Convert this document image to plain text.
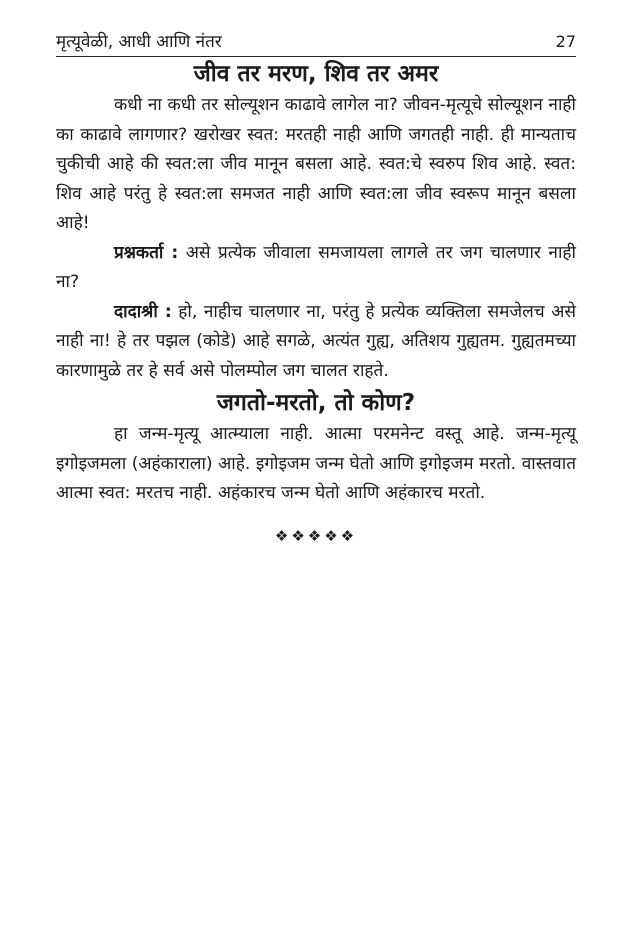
मृत्यूवेळी, आधी आणि नंतर	27
जीव तर मरण, शिव तर अमर

कधी ना कधी तर सोल्यूशन काढावे लागेल ना? जीवन-मृत्यूचे सोल्यूशन नाही का काढावे लागणार? खरोखर स्वत: मरतही नाही आणि जगतही नाही. ही मान्यताच चुकीची आहे की स्वत:ला जीव मानून बसला आहे. स्वत:चे स्वरुप शिव आहे. स्वत: शिव आहे परंतु हे स्वत:ला समजत नाही आणि स्वत:ला जीव स्वरूप मानून बसला आहे!

प्रश्नकर्ता : असे प्रत्येक जीवाला समजायला लागले तर जग चालणार नाही ना?

दादाश्री : हो, नाहीच चालणार ना, परंतु हे प्रत्येक व्यक्तिला समजेलच असे नाही ना! हे तर पझल (कोडे) आहे सगळे, अत्यंत गुह्य, अतिशय गुह्यतम. गुह्यतमच्या कारणामुळे तर हे सर्व असे पोलम्पोल जग चालत राहते.

जगतो-मरतो, तो कोण?

हा जन्म-मृत्यू आत्म्याला नाही. आत्मा परमनेन्ट वस्तू आहे. जन्म-मृत्यू इगोइजमला (अहंकाराला) आहे. इगोइजम जन्म घेतो आणि इगोइजम मरतो. वास्तवात आत्मा स्वत: मरतच नाही. अहंकारच जन्म घेतो आणि अहंकारच मरतो.

❖❖❖❖❖
